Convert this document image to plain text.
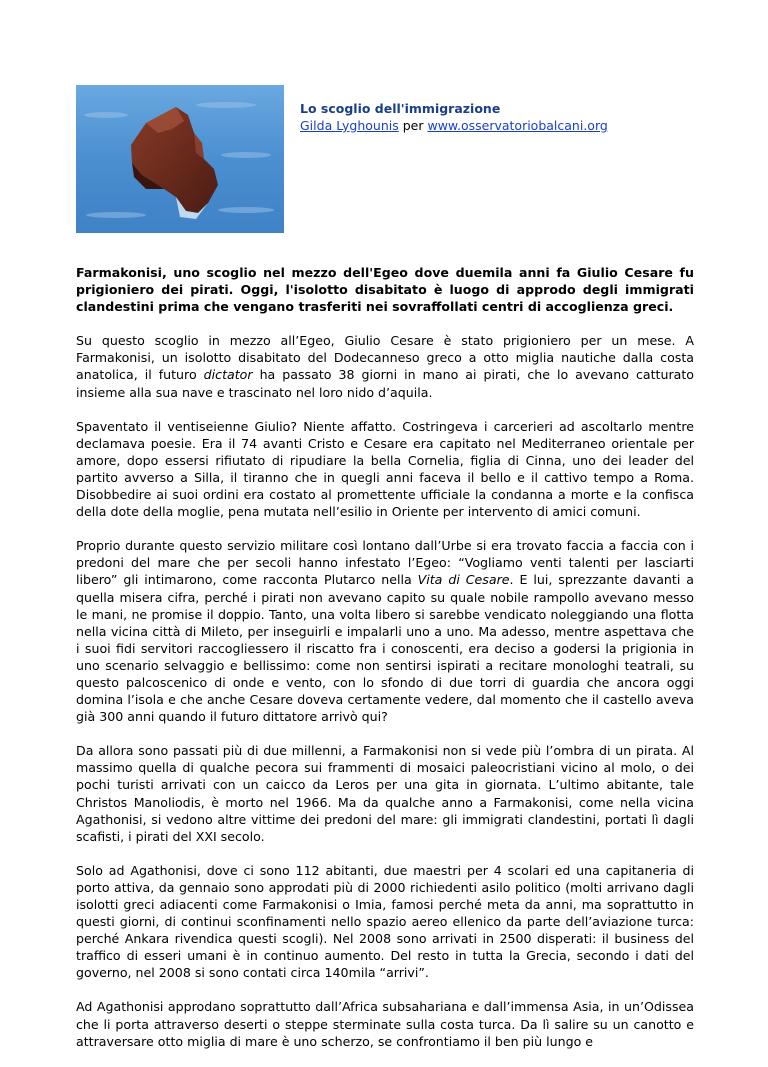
Lo scoglio dell'immigrazione
Gilda Lyghounis per www.osservatoriobalcani.org

Farmakonisi, uno scoglio nel mezzo dell'Egeo dove duemila anni fa Giulio Cesare fu prigioniero dei pirati. Oggi, l'isolotto disabitato è luogo di approdo degli immigrati clandestini prima che vengano trasferiti nei sovraffollati centri di accoglienza greci.

Su questo scoglio in mezzo all’Egeo, Giulio Cesare è stato prigioniero per un mese. A Farmakonisi, un isolotto disabitato del Dodecanneso greco a otto miglia nautiche dalla costa anatolica, il futuro dictator ha passato 38 giorni in mano ai pirati, che lo avevano catturato insieme alla sua nave e trascinato nel loro nido d’aquila.

Spaventato il ventiseienne Giulio? Niente affatto. Costringeva i carcerieri ad ascoltarlo mentre declamava poesie. Era il 74 avanti Cristo e Cesare era capitato nel Mediterraneo orientale per amore, dopo essersi rifiutato di ripudiare la bella Cornelia, figlia di Cinna, uno dei leader del partito avverso a Silla, il tiranno che in quegli anni faceva il bello e il cattivo tempo a Roma. Disobbedire ai suoi ordini era costato al promettente ufficiale la condanna a morte e la confisca della dote della moglie, pena mutata nell’esilio in Oriente per intervento di amici comuni.

Proprio durante questo servizio militare così lontano dall’Urbe si era trovato faccia a faccia con i predoni del mare che per secoli hanno infestato l’Egeo: “Vogliamo venti talenti per lasciarti libero” gli intimarono, come racconta Plutarco nella Vita di Cesare. E lui, sprezzante davanti a quella misera cifra, perché i pirati non avevano capito su quale nobile rampollo avevano messo le mani, ne promise il doppio. Tanto, una volta libero si sarebbe vendicato noleggiando una flotta nella vicina città di Mileto, per inseguirli e impalarli uno a uno. Ma adesso, mentre aspettava che i suoi fidi servitori raccogliessero il riscatto fra i conoscenti, era deciso a godersi la prigionia in uno scenario selvaggio e bellissimo: come non sentirsi ispirati a recitare monologhi teatrali, su questo palcoscenico di onde e vento, con lo sfondo di due torri di guardia che ancora oggi domina l’isola e che anche Cesare doveva certamente vedere, dal momento che il castello aveva già 300 anni quando il futuro dittatore arrivò qui?

Da allora sono passati più di due millenni, a Farmakonisi non si vede più l’ombra di un pirata. Al massimo quella di qualche pecora sui frammenti di mosaici paleocristiani vicino al molo, o dei pochi turisti arrivati con un caicco da Leros per una gita in giornata. L’ultimo abitante, tale Christos Manoliodis, è morto nel 1966. Ma da qualche anno a Farmakonisi, come nella vicina Agathonisi, si vedono altre vittime dei predoni del mare: gli immigrati clandestini, portati lì dagli scafisti, i pirati del XXI secolo.

Solo ad Agathonisi, dove ci sono 112 abitanti, due maestri per 4 scolari ed una capitaneria di porto attiva, da gennaio sono approdati più di 2000 richiedenti asilo politico (molti arrivano dagli isolotti greci adiacenti come Farmakonisi o Imia, famosi perché meta da anni, ma soprattutto in questi giorni, di continui sconfinamenti nello spazio aereo ellenico da parte dell’aviazione turca: perché Ankara rivendica questi scogli). Nel 2008 sono arrivati in 2500 disperati: il business del traffico di esseri umani è in continuo aumento. Del resto in tutta la Grecia, secondo i dati del governo, nel 2008 si sono contati circa 140mila “arrivi”.

Ad Agathonisi approdano soprattutto dall’Africa subsahariana e dall’immensa Asia, in un’Odissea che li porta attraverso deserti o steppe sterminate sulla costa turca. Da lì salire su un canotto e attraversare otto miglia di mare è uno scherzo, se confrontiamo il ben più lungo e
